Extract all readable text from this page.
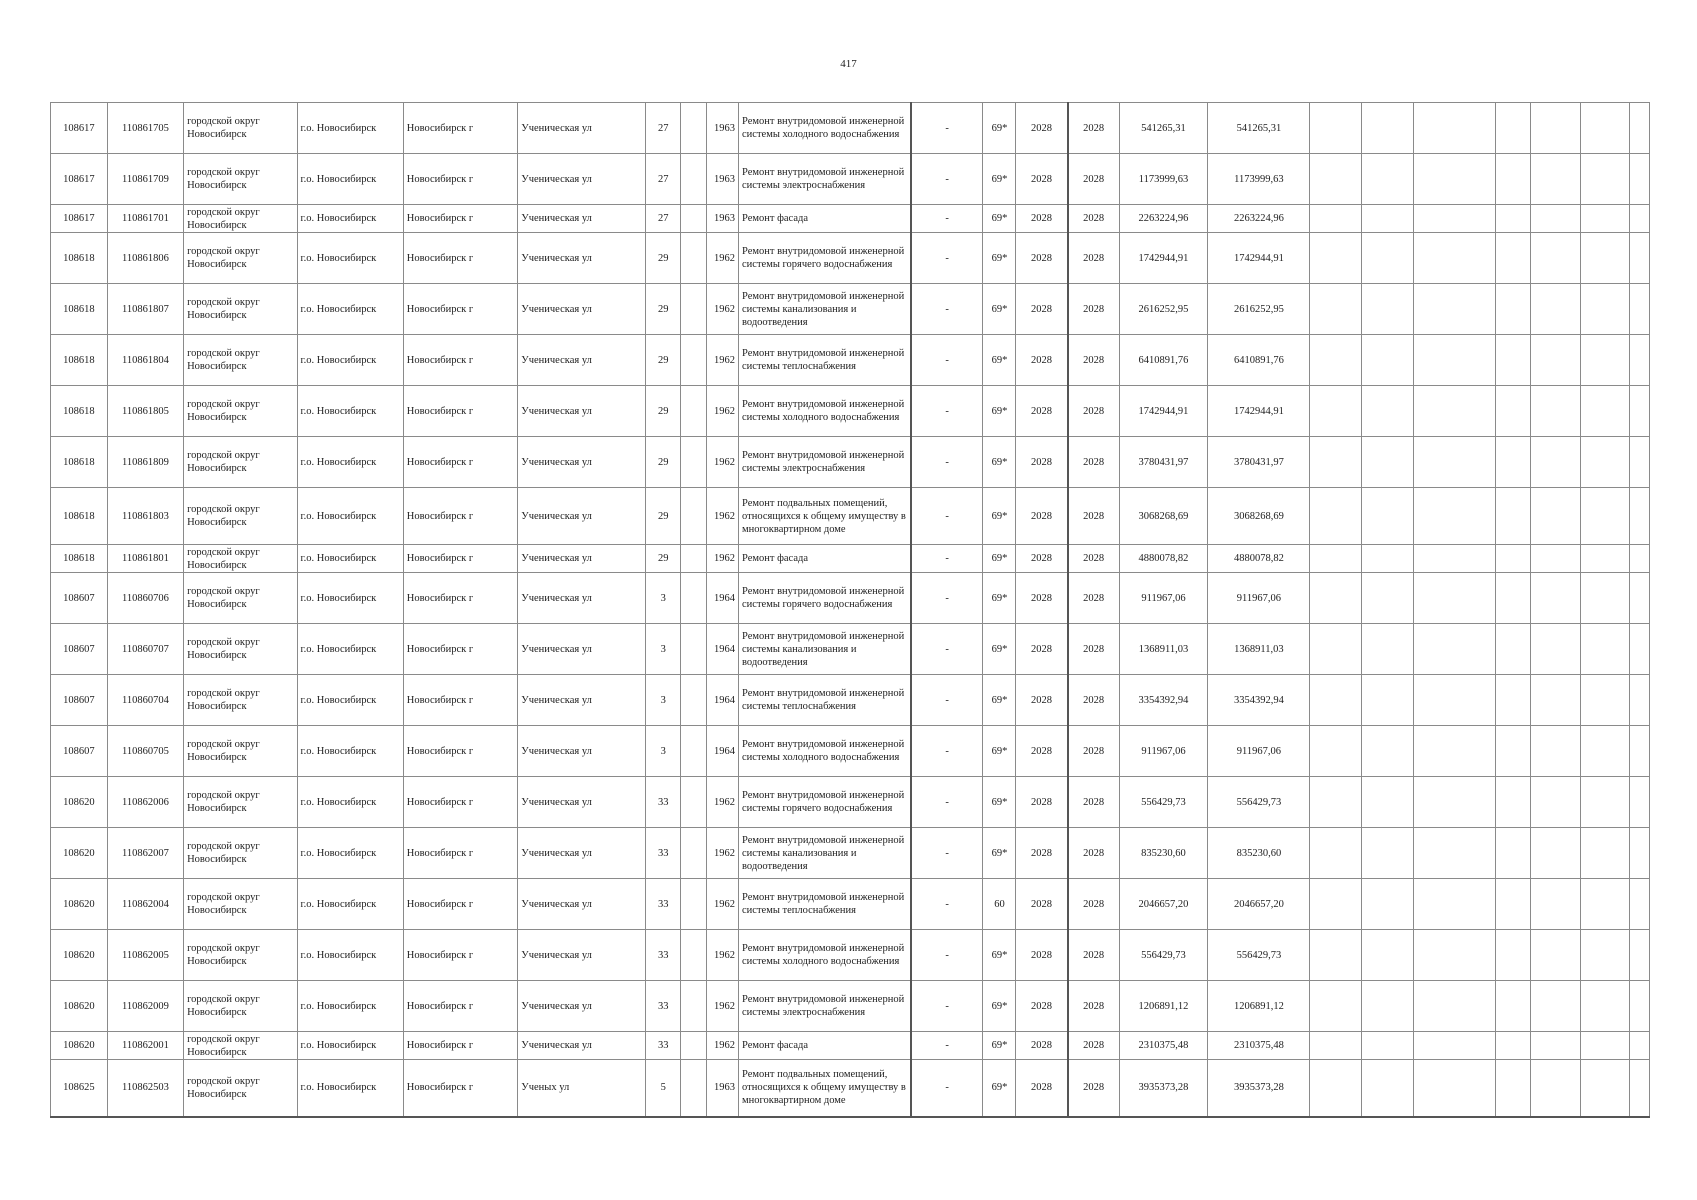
417
108617	110861705	городской округ Новосибирск	г.о. Новосибирск	Новосибирск г	Ученическая ул	27		1963	Ремонт внутридомовой инженерной системы холодного водоснабжения	-	69*	2028	2028	541265,31	541265,31							
108617	110861709	городской округ Новосибирск	г.о. Новосибирск	Новосибирск г	Ученическая ул	27		1963	Ремонт внутридомовой инженерной системы электроснабжения	-	69*	2028	2028	1173999,63	1173999,63							
108617	110861701	городской округ Новосибирск	г.о. Новосибирск	Новосибирск г	Ученическая ул	27		1963	Ремонт фасада	-	69*	2028	2028	2263224,96	2263224,96							
108618	110861806	городской округ Новосибирск	г.о. Новосибирск	Новосибирск г	Ученическая ул	29		1962	Ремонт внутридомовой инженерной системы горячего водоснабжения	-	69*	2028	2028	1742944,91	1742944,91							
108618	110861807	городской округ Новосибирск	г.о. Новосибирск	Новосибирск г	Ученическая ул	29		1962	Ремонт внутридомовой инженерной системы канализования и водоотведения	-	69*	2028	2028	2616252,95	2616252,95							
108618	110861804	городской округ Новосибирск	г.о. Новосибирск	Новосибирск г	Ученическая ул	29		1962	Ремонт внутридомовой инженерной системы теплоснабжения	-	69*	2028	2028	6410891,76	6410891,76							
108618	110861805	городской округ Новосибирск	г.о. Новосибирск	Новосибирск г	Ученическая ул	29		1962	Ремонт внутридомовой инженерной системы холодного водоснабжения	-	69*	2028	2028	1742944,91	1742944,91							
108618	110861809	городской округ Новосибирск	г.о. Новосибирск	Новосибирск г	Ученическая ул	29		1962	Ремонт внутридомовой инженерной системы электроснабжения	-	69*	2028	2028	3780431,97	3780431,97							
108618	110861803	городской округ Новосибирск	г.о. Новосибирск	Новосибирск г	Ученическая ул	29		1962	Ремонт подвальных помещений, относящихся к общему имуществу в многоквартирном доме	-	69*	2028	2028	3068268,69	3068268,69							
108618	110861801	городской округ Новосибирск	г.о. Новосибирск	Новосибирск г	Ученическая ул	29		1962	Ремонт фасада	-	69*	2028	2028	4880078,82	4880078,82							
108607	110860706	городской округ Новосибирск	г.о. Новосибирск	Новосибирск г	Ученическая ул	3		1964	Ремонт внутридомовой инженерной системы горячего водоснабжения	-	69*	2028	2028	911967,06	911967,06							
108607	110860707	городской округ Новосибирск	г.о. Новосибирск	Новосибирск г	Ученическая ул	3		1964	Ремонт внутридомовой инженерной системы канализования и водоотведения	-	69*	2028	2028	1368911,03	1368911,03							
108607	110860704	городской округ Новосибирск	г.о. Новосибирск	Новосибирск г	Ученическая ул	3		1964	Ремонт внутридомовой инженерной системы теплоснабжения	-	69*	2028	2028	3354392,94	3354392,94							
108607	110860705	городской округ Новосибирск	г.о. Новосибирск	Новосибирск г	Ученическая ул	3		1964	Ремонт внутридомовой инженерной системы холодного водоснабжения	-	69*	2028	2028	911967,06	911967,06							
108620	110862006	городской округ Новосибирск	г.о. Новосибирск	Новосибирск г	Ученическая ул	33		1962	Ремонт внутридомовой инженерной системы горячего водоснабжения	-	69*	2028	2028	556429,73	556429,73							
108620	110862007	городской округ Новосибирск	г.о. Новосибирск	Новосибирск г	Ученическая ул	33		1962	Ремонт внутридомовой инженерной системы канализования и водоотведения	-	69*	2028	2028	835230,60	835230,60							
108620	110862004	городской округ Новосибирск	г.о. Новосибирск	Новосибирск г	Ученическая ул	33		1962	Ремонт внутридомовой инженерной системы теплоснабжения	-	60	2028	2028	2046657,20	2046657,20							
108620	110862005	городской округ Новосибирск	г.о. Новосибирск	Новосибирск г	Ученическая ул	33		1962	Ремонт внутридомовой инженерной системы холодного водоснабжения	-	69*	2028	2028	556429,73	556429,73							
108620	110862009	городской округ Новосибирск	г.о. Новосибирск	Новосибирск г	Ученическая ул	33		1962	Ремонт внутридомовой инженерной системы электроснабжения	-	69*	2028	2028	1206891,12	1206891,12							
108620	110862001	городской округ Новосибирск	г.о. Новосибирск	Новосибирск г	Ученическая ул	33		1962	Ремонт фасада	-	69*	2028	2028	2310375,48	2310375,48							
108625	110862503	городской округ Новосибирск	г.о. Новосибирск	Новосибирск г	Ученых ул	5		1963	Ремонт подвальных помещений, относящихся к общему имуществу в многоквартирном доме	-	69*	2028	2028	3935373,28	3935373,28							
